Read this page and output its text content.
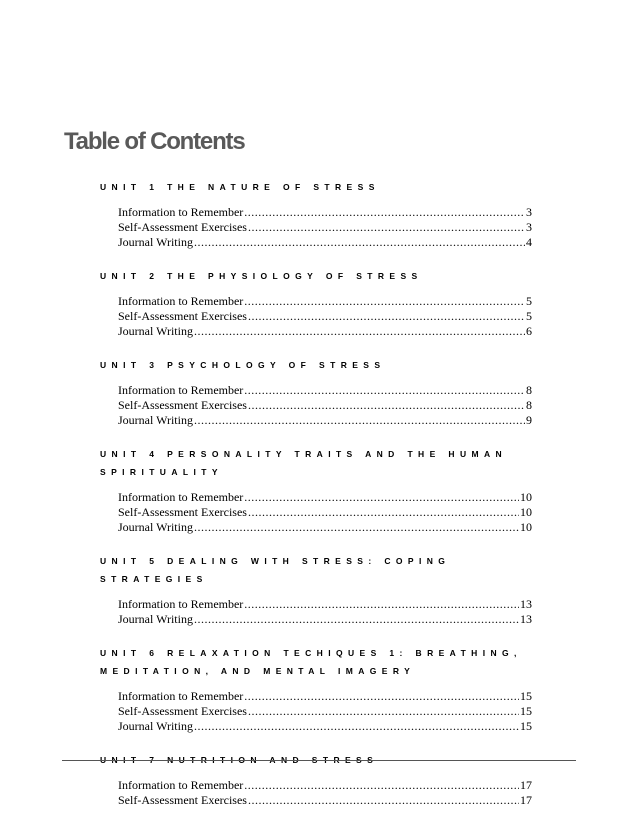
Table of Contents
UNIT 1 THE NATURE OF STRESS
Information to Remember .....	3
Self-Assessment Exercises .....	3
Journal Writing .....	4
UNIT 2 THE PHYSIOLOGY OF STRESS
Information to Remember .....	5
Self-Assessment Exercises .....	5
Journal Writing .....	6
UNIT 3 PSYCHOLOGY OF STRESS
Information to Remember .....	8
Self-Assessment Exercises .....	8
Journal Writing .....	9
UNIT 4 PERSONALITY TRAITS AND THE HUMAN SPIRITUALITY
Information to Remember .....	10
Self-Assessment Exercises .....	10
Journal Writing .....	10
UNIT 5 DEALING WITH STRESS: COPING STRATEGIES
Information to Remember .....	13
Journal Writing .....	13
UNIT 6 RELAXATION TECHIQUES 1: BREATHING, MEDITATION, AND MENTAL IMAGERY
Information to Remember .....	15
Self-Assessment Exercises .....	15
Journal Writing .....	15
UNIT 7 NUTRITION AND STRESS
Information to Remember .....	17
Self-Assessment Exercises .....	17
